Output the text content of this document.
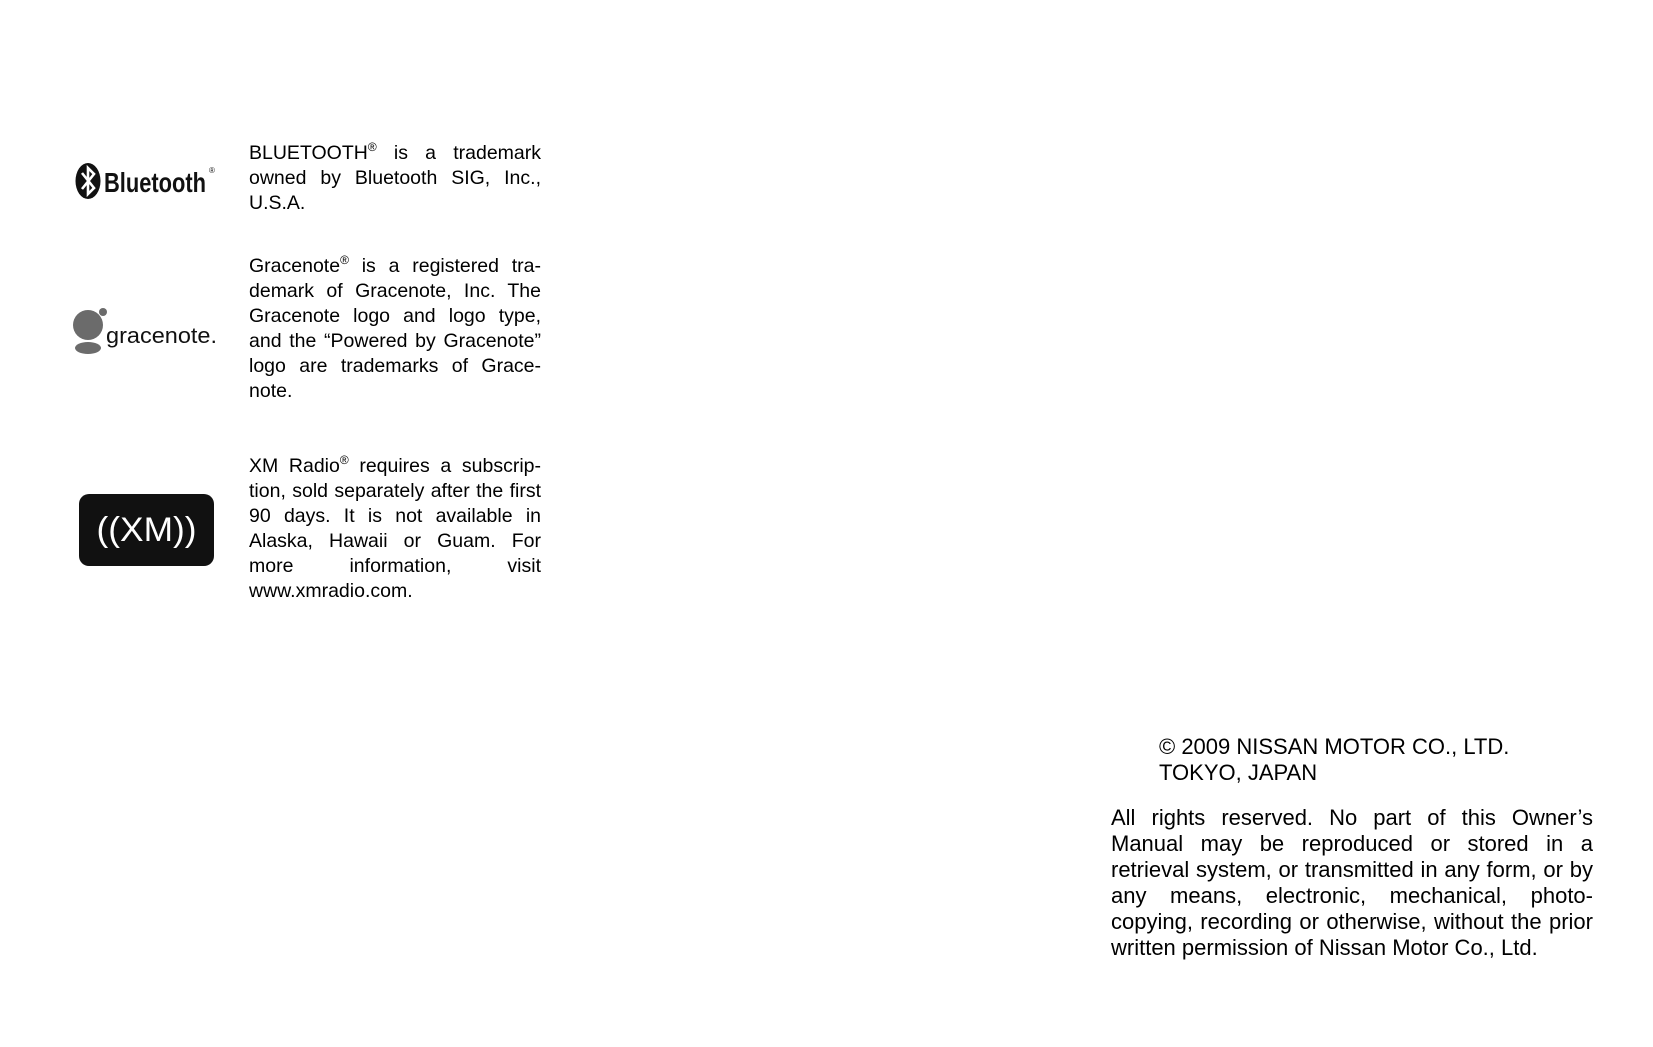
Bluetooth ®
BLUETOOTH® is a trademark owned by Bluetooth SIG, Inc., U.S.A.
gracenote.
Gracenote® is a registered tra-demark of Gracenote, Inc. The Gracenote logo and logo type, and the “Powered by Gracenote” logo are trademarks of Grace-note.
((XM))
XM Radio® requires a subscrip-tion, sold separately after the first 90 days. It is not available in Alaska, Hawaii or Guam. For more information, visit www.xmradio.com.
© 2009 NISSAN MOTOR CO., LTD.
TOKYO, JAPAN
All rights reserved. No part of this Owner’s Manual may be reproduced or stored in a retrieval system, or transmitted in any form, or by any means, electronic, mechanical, photo-copying, recording or otherwise, without the prior written permission of Nissan Motor Co., Ltd.
